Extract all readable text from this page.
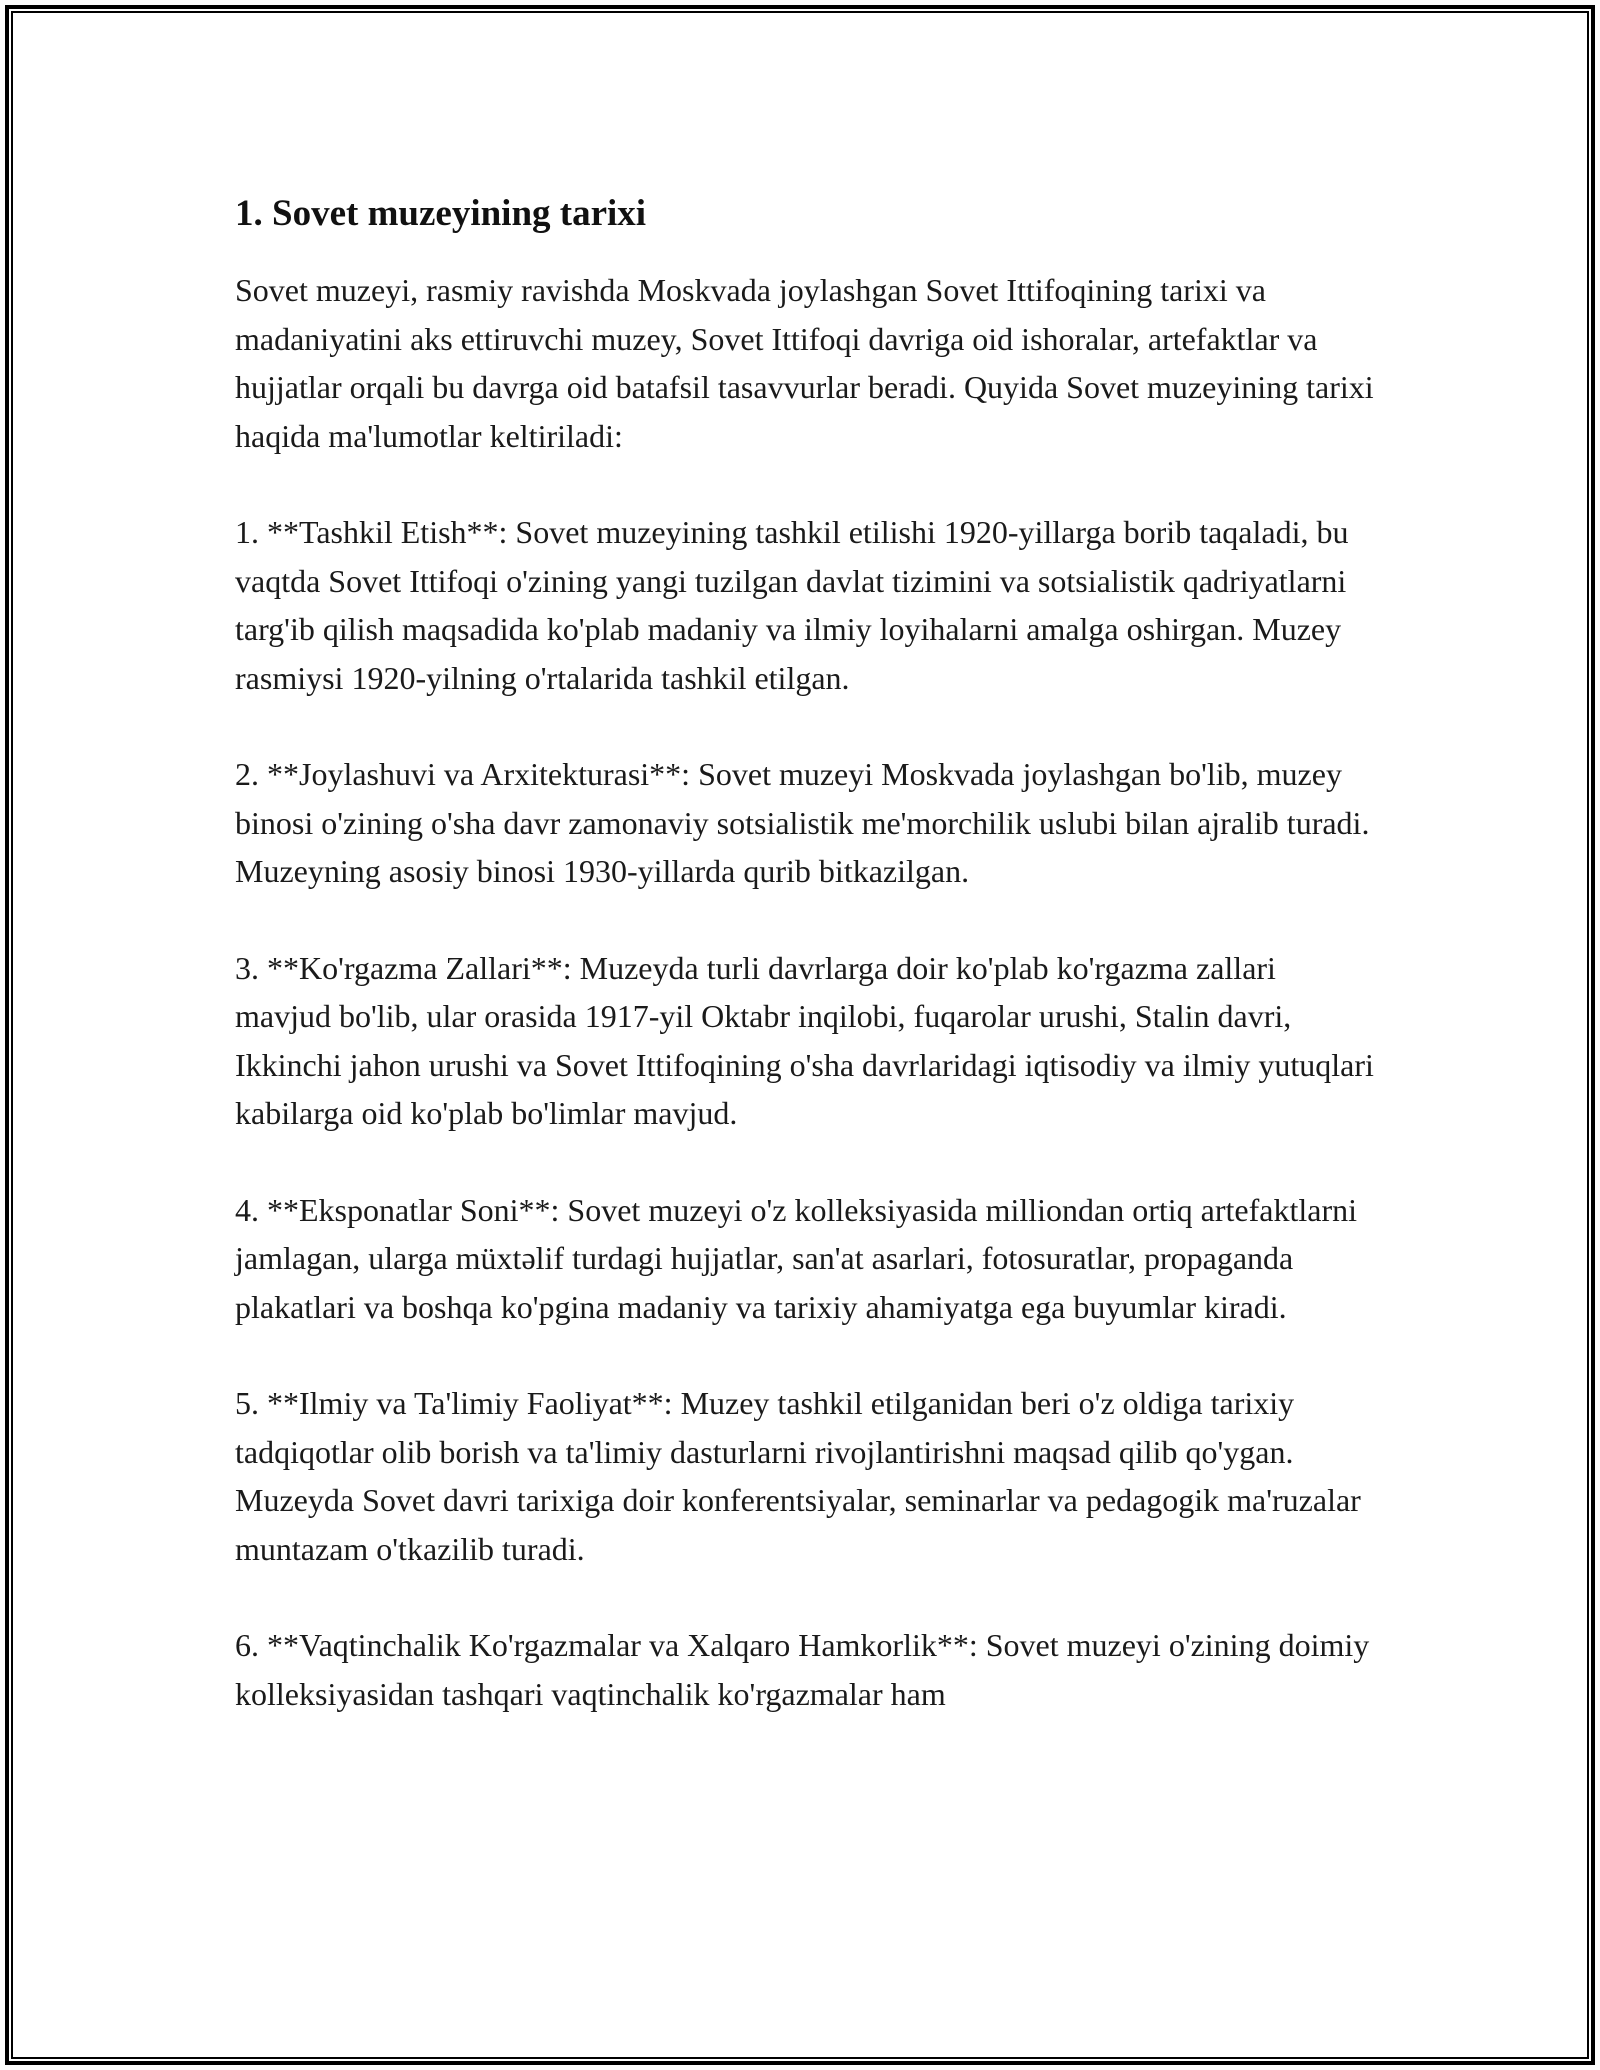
1. Sovet muzeyining tarixi

Sovet muzeyi, rasmiy ravishda Moskvada joylashgan Sovet Ittifoqining tarixi va madaniyatini aks ettiruvchi muzey, Sovet Ittifoqi davriga oid ishoralar, artefaktlar va hujjatlar orqali bu davrga oid batafsil tasavvurlar beradi. Quyida Sovet muzeyining tarixi haqida ma'lumotlar keltiriladi:

1. **Tashkil Etish**: Sovet muzeyining tashkil etilishi 1920-yillarga borib taqaladi, bu vaqtda Sovet Ittifoqi o'zining yangi tuzilgan davlat tizimini va sotsialistik qadriyatlarni targ'ib qilish maqsadida ko'plab madaniy va ilmiy loyihalarni amalga oshirgan. Muzey rasmiysi 1920-yilning o'rtalarida tashkil etilgan.

2. **Joylashuvi va Arxitekturasi**: Sovet muzeyi Moskvada joylashgan bo'lib, muzey binosi o'zining o'sha davr zamonaviy sotsialistik me'morchilik uslubi bilan ajralib turadi. Muzeyning asosiy binosi 1930-yillarda qurib bitkazilgan.

3. **Ko'rgazma Zallari**: Muzeyda turli davrlarga doir ko'plab ko'rgazma zallari mavjud bo'lib, ular orasida 1917-yil Oktabr inqilobi, fuqarolar urushi, Stalin davri, Ikkinchi jahon urushi va Sovet Ittifoqining o'sha davrlaridagi iqtisodiy va ilmiy yutuqlari kabilarga oid ko'plab bo'limlar mavjud.

4. **Eksponatlar Soni**: Sovet muzeyi o'z kolleksiyasida milliondan ortiq artefaktlarni jamlagan, ularga müxtəlif turdagi hujjatlar, san'at asarlari, fotosuratlar, propaganda plakatlari va boshqa ko'pgina madaniy va tarixiy ahamiyatga ega buyumlar kiradi.

5. **Ilmiy va Ta'limiy Faoliyat**: Muzey tashkil etilganidan beri o'z oldiga tarixiy tadqiqotlar olib borish va ta'limiy dasturlarni rivojlantirishni maqsad qilib qo'ygan. Muzeyda Sovet davri tarixiga doir konferentsiyalar, seminarlar va pedagogik ma'ruzalar muntazam o'tkazilib turadi.

6. **Vaqtinchalik Ko'rgazmalar va Xalqaro Hamkorlik**: Sovet muzeyi o'zining doimiy kolleksiyasidan tashqari vaqtinchalik ko'rgazmalar ham
